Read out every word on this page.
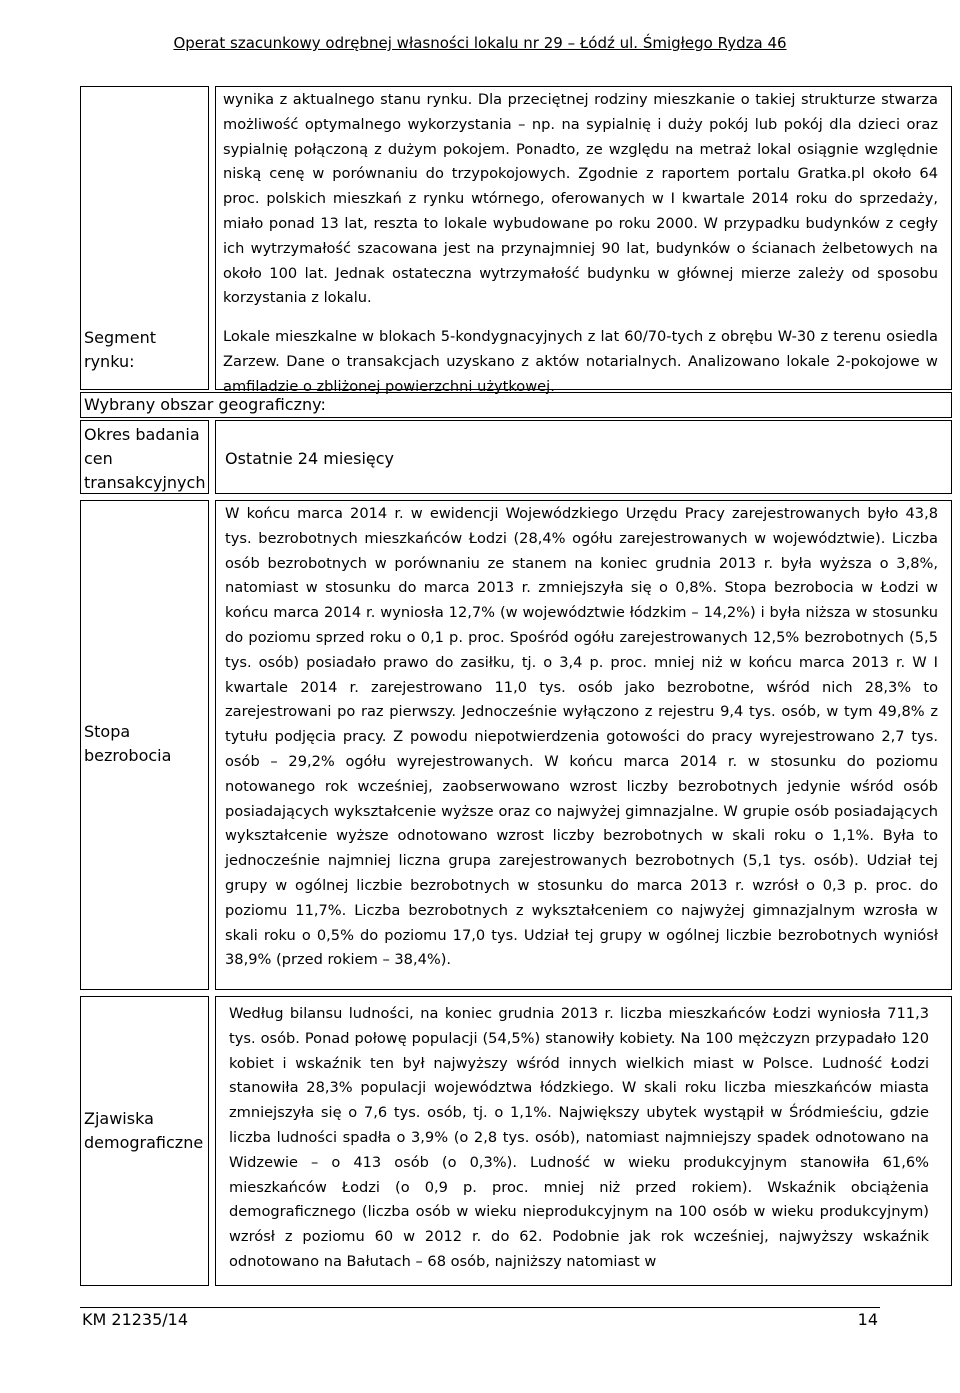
Operat szacunkowy odrębnej własności lokalu nr 29 – Łódź ul. Śmigłego Rydza 46
Segment
rynku:

wynika z aktualnego stanu rynku. Dla przeciętnej rodziny mieszkanie o takiej strukturze stwarza możliwość optymalnego wykorzystania – np. na sypialnię i duży pokój lub pokój dla dzieci oraz sypialnię połączoną z dużym pokojem. Ponadto, ze względu na metraż lokal osiągnie względnie niską cenę w porównaniu do trzypokojowych. Zgodnie z raportem portalu Gratka.pl około 64 proc. polskich mieszkań z rynku wtórnego, oferowanych w I kwartale 2014 roku do sprzedaży, miało ponad 13 lat, reszta to lokale wybudowane po roku 2000. W przypadku budynków z cegły ich wytrzymałość szacowana jest na przynajmniej 90 lat, budynków o ścianach żelbetowych na około 100 lat. Jednak ostateczna wytrzymałość budynku w głównej mierze zależy od sposobu korzystania z lokalu.

Lokale mieszkalne w blokach 5-kondygnacyjnych z lat 60/70-tych z obrębu W-30 z terenu osiedla Zarzew. Dane o transakcjach uzyskano z aktów notarialnych. Analizowano lokale 2-pokojowe w amfiladzie o zbliżonej powierzchni użytkowej.

Wybrany obszar geograficzny:
Okres badania
cen
transakcyjnych
Ostatnie 24 miesięcy
Stopa
bezrobocia
W końcu marca 2014 r. w ewidencji Wojewódzkiego Urzędu Pracy zarejestrowanych było 43,8 tys. bezrobotnych mieszkańców Łodzi (28,4% ogółu zarejestrowanych w województwie). Liczba osób bezrobotnych w porównaniu ze stanem na koniec grudnia 2013 r. była wyższa o 3,8%, natomiast w stosunku do marca 2013 r. zmniejszyła się o 0,8%. Stopa bezrobocia w Łodzi w końcu marca 2014 r. wyniosła 12,7% (w województwie łódzkim – 14,2%) i była niższa w stosunku do poziomu sprzed roku o 0,1 p. proc. Spośród ogółu zarejestrowanych 12,5% bezrobotnych (5,5 tys. osób) posiadało prawo do zasiłku, tj. o 3,4 p. proc. mniej niż w końcu marca 2013 r. W I kwartale 2014 r. zarejestrowano 11,0 tys. osób jako bezrobotne, wśród nich 28,3% to zarejestrowani po raz pierwszy. Jednocześnie wyłączono z rejestru 9,4 tys. osób, w tym 49,8% z tytułu podjęcia pracy. Z powodu niepotwierdzenia gotowości do pracy wyrejestrowano 2,7 tys. osób – 29,2% ogółu wyrejestrowanych. W końcu marca 2014 r. w stosunku do poziomu notowanego rok wcześniej, zaobserwowano wzrost liczby bezrobotnych jedynie wśród osób posiadających wykształcenie wyższe oraz co najwyżej gimnazjalne. W grupie osób posiadających wykształcenie wyższe odnotowano wzrost liczby bezrobotnych w skali roku o 1,1%. Była to jednocześnie najmniej liczna grupa zarejestrowanych bezrobotnych (5,1 tys. osób). Udział tej grupy w ogólnej liczbie bezrobotnych w stosunku do marca 2013 r. wzrósł o 0,3 p. proc. do poziomu 11,7%. Liczba bezrobotnych z wykształceniem co najwyżej gimnazjalnym wzrosła w skali roku o 0,5% do poziomu 17,0 tys. Udział tej grupy w ogólnej liczbie bezrobotnych wyniósł 38,9% (przed rokiem – 38,4%).
Zjawiska
demograficzne
Według bilansu ludności, na koniec grudnia 2013 r. liczba mieszkańców Łodzi wyniosła 711,3 tys. osób. Ponad połowę populacji (54,5%) stanowiły kobiety. Na 100 mężczyzn przypadało 120 kobiet i wskaźnik ten był najwyższy wśród innych wielkich miast w Polsce. Ludność Łodzi stanowiła 28,3% populacji województwa łódzkiego. W skali roku liczba mieszkańców miasta zmniejszyła się o 7,6 tys. osób, tj. o 1,1%. Największy ubytek wystąpił w Śródmieściu, gdzie liczba ludności spadła o 3,9% (o 2,8 tys. osób), natomiast najmniejszy spadek odnotowano na Widzewie – o 413 osób (o 0,3%). Ludność w wieku produkcyjnym stanowiła 61,6% mieszkańców Łodzi (o 0,9 p. proc. mniej niż przed rokiem). Wskaźnik obciążenia demograficznego (liczba osób w wieku nieprodukcyjnym na 100 osób w wieku produkcyjnym) wzrósł z poziomu 60 w 2012 r. do 62. Podobnie jak rok wcześniej, najwyższy wskaźnik odnotowano na Bałutach – 68 osób, najniższy natomiast w
KM 21235/14	14
